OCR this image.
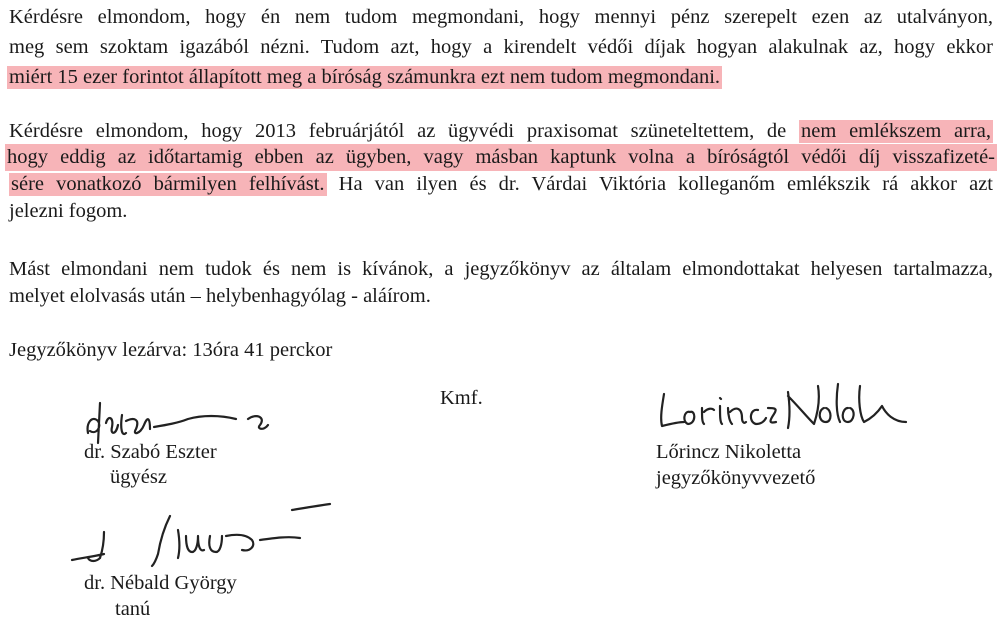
Kérdésre elmondom, hogy én nem tudom megmondani, hogy mennyi pénz szerepelt ezen az utalványon,
meg sem szoktam igazából nézni. Tudom azt, hogy a kirendelt védői díjak hogyan alakulnak az, hogy ekkor
miért 15 ezer forintot állapított meg a bíróság számunkra ezt nem tudom megmondani.
Kérdésre elmondom, hogy 2013 februárjától az ügyvédi praxisomat szüneteltettem, de nem emlékszem arra,
hogy eddig az időtartamig ebben az ügyben, vagy másban kaptunk volna a bíróságtól védői díj visszafizeté-
sére vonatkozó bármilyen felhívást. Ha van ilyen és dr. Várdai Viktória kolleganőm emlékszik rá akkor azt
jelezni fogom.
Mást elmondani nem tudok és nem is kívánok, a jegyzőkönyv az általam elmondottakat helyesen tartalmazza,
melyet elolvasás után – helybenhagyólag - aláírom.
Jegyzőkönyv lezárva: 13óra 41 perckor
Kmf.
dr. Szabó Eszter
ügyész
Lőrincz Nikoletta
jegyzőkönyvvezető
dr. Nébald György
tanú
